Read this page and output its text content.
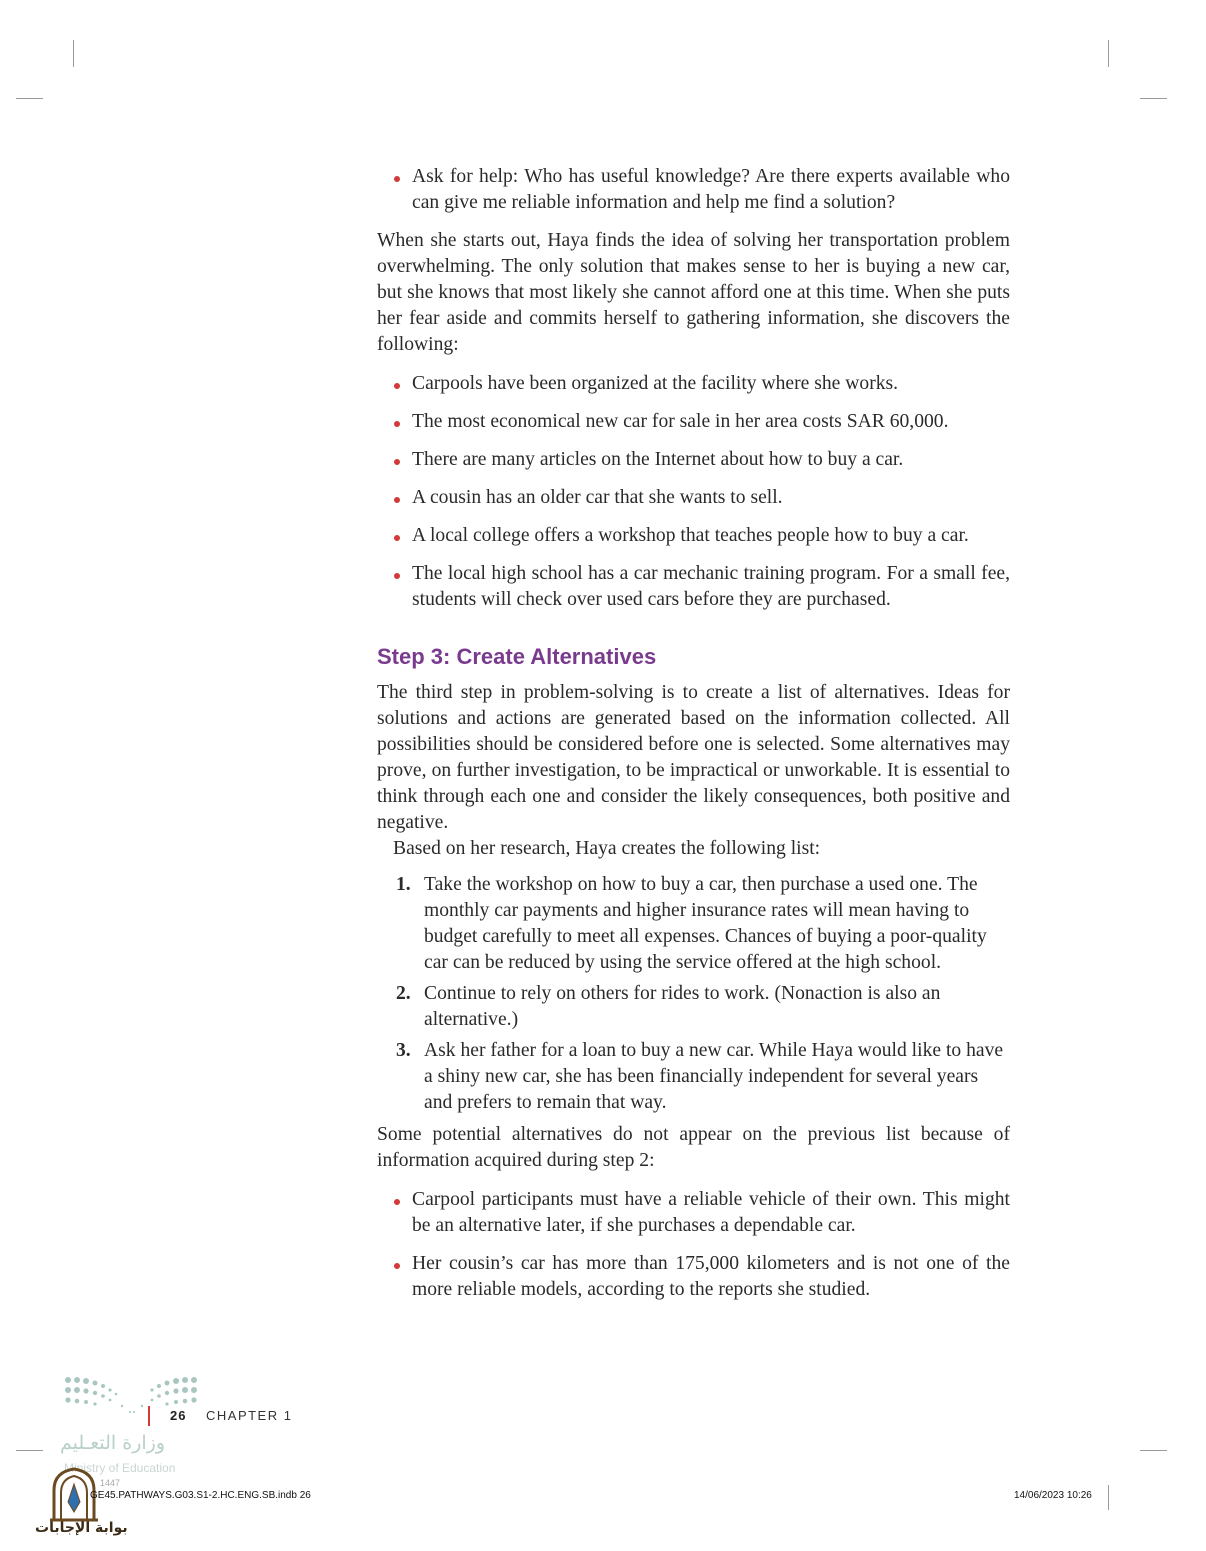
Ask for help: Who has useful knowledge? Are there experts available who can give me reliable information and help me find a solution?

When she starts out, Haya finds the idea of solving her transportation problem overwhelming. The only solution that makes sense to her is buying a new car, but she knows that most likely she cannot afford one at this time. When she puts her fear aside and commits herself to gathering information, she discovers the following:

Carpools have been organized at the facility where she works.
The most economical new car for sale in her area costs SAR 60,000.
There are many articles on the Internet about how to buy a car.
A cousin has an older car that she wants to sell.
A local college offers a workshop that teaches people how to buy a car.
The local high school has a car mechanic training program. For a small fee, students will check over used cars before they are purchased.
Step 3: Create Alternatives

The third step in problem-solving is to create a list of alternatives. Ideas for solutions and actions are generated based on the information collected. All possibilities should be considered before one is selected. Some alternatives may prove, on further investigation, to be impractical or unworkable. It is essential to think through each one and consider the likely consequences, both positive and negative.

Based on her research, Haya creates the following list:

1. Take the workshop on how to buy a car, then purchase a used one. The monthly car payments and higher insurance rates will mean having to budget carefully to meet all expenses. Chances of buying a poor-quality car can be reduced by using the service offered at the high school.
2. Continue to rely on others for rides to work. (Nonaction is also an alternative.)
3. Ask her father for a loan to buy a new car. While Haya would like to have a shiny new car, she has been financially independent for several years and prefers to remain that way.

Some potential alternatives do not appear on the previous list because of information acquired during step 2:

Carpool participants must have a reliable vehicle of their own. This might be an alternative later, if she purchases a dependable car.
Her cousin’s car has more than 175,000 kilometers and is not one of the more reliable models, according to the reports she studied.
26 CHAPTER 1
وزارة التعـليم
Ministry of Education
1447
GE45.PATHWAYS.G03.S1-2.HC.ENG.SB.indb 26	14/06/2023 10:26
بوابة الإجابات
